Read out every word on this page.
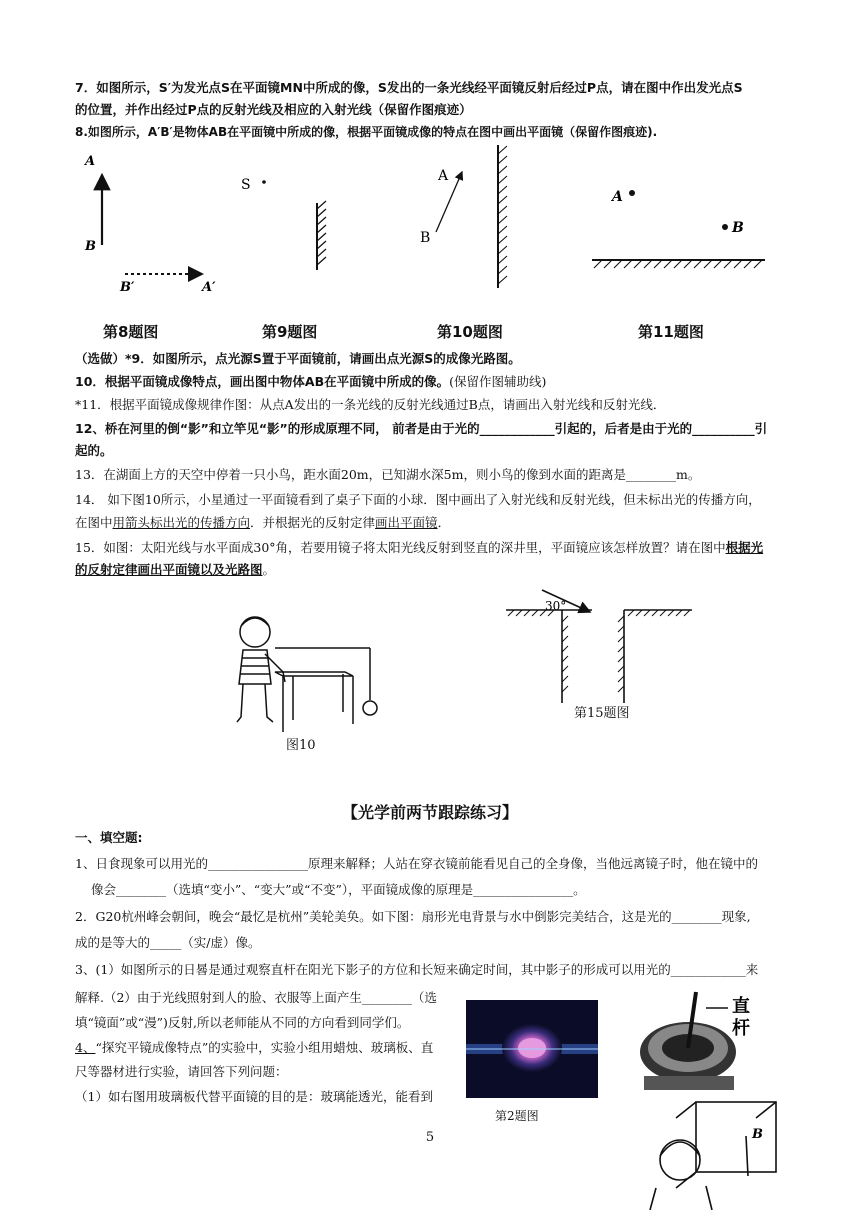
7．如图所示，S′为发光点S在平面镜MN中所成的像，S发出的一条光线经平面镜反射后经过P点，请在图中作出发光点S
的位置，并作出经过P点的反射光线及相应的入射光线（保留作图痕迹）
8.如图所示，A′B′是物体AB在平面镜中所成的像，根据平面镜成像的特点在图中画出平面镜（保留作图痕迹).
A
B
B′	A′
S
A
B
A
B
第8题图	第9题图	第10题图	第11题图
（选做）*9．如图所示，点光源S置于平面镜前，请画出点光源S的成像光路图。
10．根据平面镜成像特点，画出图中物体AB在平面镜中所成的像。(保留作图辅助线)
*11．根据平面镜成像规律作图：从点A发出的一条光线的反射光线通过B点，请画出入射光线和反射光线．
12、桥在河里的倒“影”和立竿见“影”的形成原理不同， 前者是由于光的____________引起的，后者是由于光的__________引
起的。
13．在湖面上方的天空中停着一只小鸟，距水面20m，已知湖水深5m，则小鸟的像到水面的距离是________m。
14． 如下图10所示，小星通过一平面镜看到了桌子下面的小球．图中画出了入射光线和反射光线，但未标出光的传播方向，
在图中用箭头标出光的传播方向．并根据光的反射定律画出平面镜．
15．如图：太阳光线与水平面成30°角，若要用镜子将太阳光线反射到竖直的深井里，平面镜应该怎样放置？请在图中根据光
的反射定律画出平面镜以及光路图。
图10
30°
第15题图
【光学前两节跟踪练习】
一、填空题:
1、日食现象可以用光的________________原理来解释；人站在穿衣镜前能看见自己的全身像，当他远离镜子时，他在镜中的
像会________（选填“变小”、“变大”或“不变”），平面镜成像的原理是________________。
2．G20杭州峰会朝间，晚会“最忆是杭州”美轮美奂。如下图：扇形光电背景与水中倒影完美结合，这是光的________现象,
成的是等大的_____（实/虚）像。
3、(1）如图所示的日晷是通过观察直杆在阳光下影子的方位和长短来确定时间，其中影子的形成可以用光的____________来
解释.（2）由于光线照射到人的脸、衣服等上面产生________（选
填“镜面”或“漫”)反射,所以老师能从不同的方向看到同学们。
4、“探究平镜成像特点”的实验中，实验小组用蜡烛、玻璃板、直
尺等器材进行实验，请回答下列问题：
（1）如右图用玻璃板代替平面镜的目的是：玻璃能透光，能看到
第2题图
直
杆
B
5
